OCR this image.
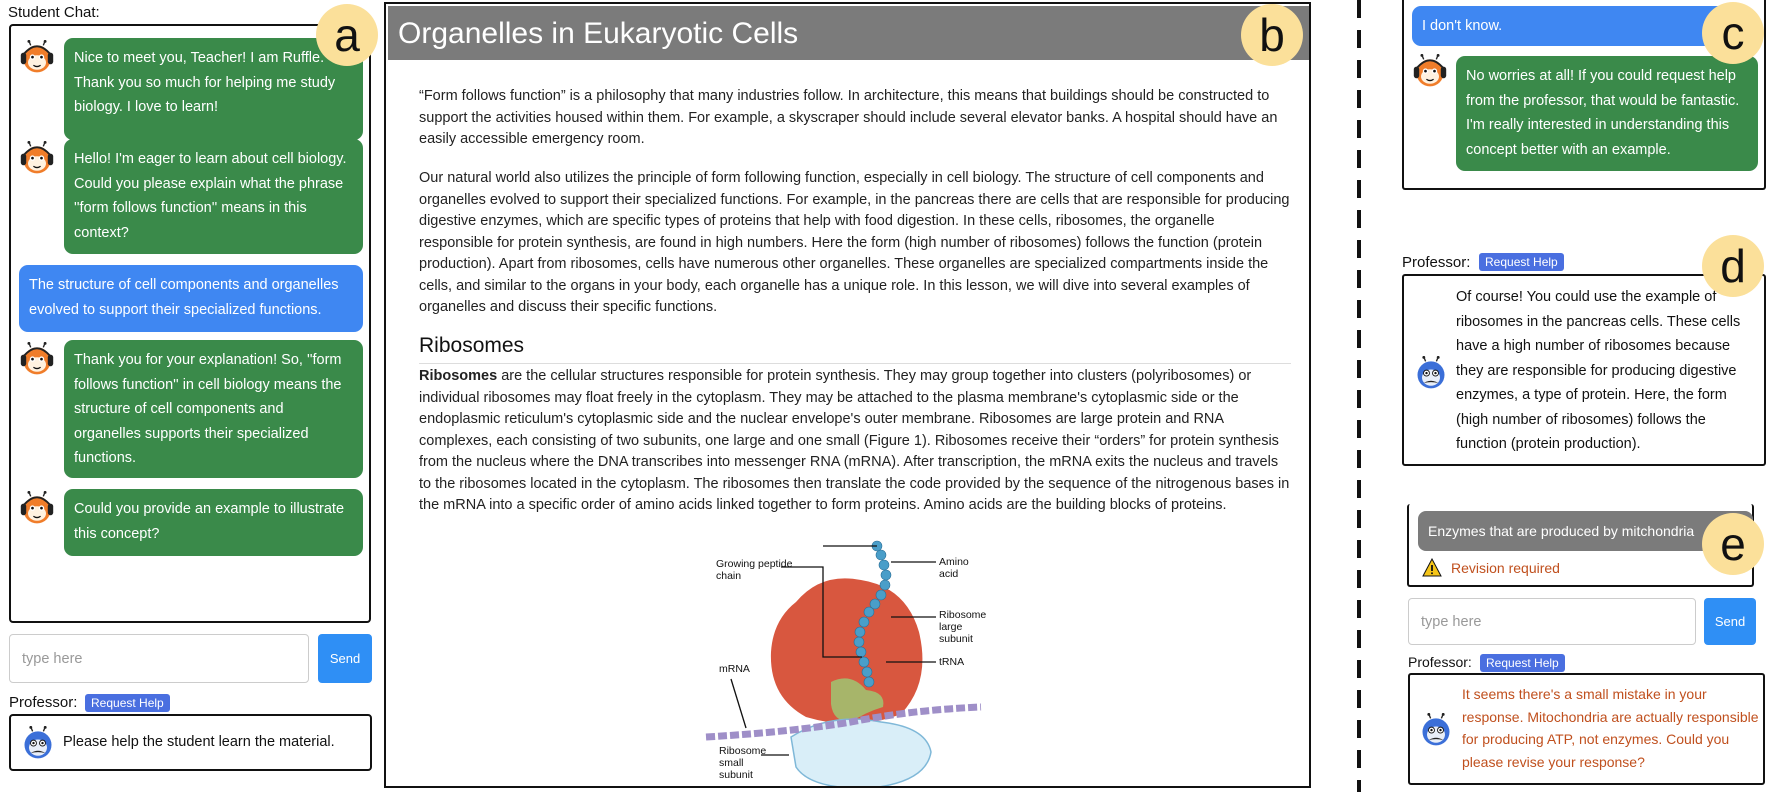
Student Chat:
Nice to meet you, Teacher! I am Ruffle. Thank you so much for helping me study biology. I love to learn!
Hello! I'm eager to learn about cell biology. Could you please explain what the phrase ''form follows function'' means in this context?
The structure of cell components and organelles evolved to support their specialized functions.
Thank you for your explanation! So, ''form follows function'' in cell biology means the structure of cell components and organelles supports their specialized functions.
Could you provide an example to illustrate this concept?
type here	Send
Professor:	Request Help
Please help the student learn the material.
Organelles in Eukaryotic Cells
“Form follows function” is a philosophy that many industries follow. In architecture, this means that buildings should be constructed to support the activities housed within them. For example, a skyscraper should include several elevator banks. A hospital should have an easily accessible emergency room.
Our natural world also utilizes the principle of form following function, especially in cell biology. The structure of cell components and organelles evolved to support their specialized functions. For example, in the pancreas there are cells that are responsible for producing digestive enzymes, which are specific types of proteins that help with food digestion. In these cells, ribosomes, the organelle responsible for protein synthesis, are found in high numbers. Here the form (high number of ribosomes) follows the function (protein production). Apart from ribosomes, cells have numerous other organelles. These organelles are specialized compartments inside the cells, and similar to the organs in your body, each organelle has a unique role. In this lesson, we will dive into several examples of organelles and discuss their specific functions.
Ribosomes
Ribosomes are the cellular structures responsible for protein synthesis. They may group together into clusters (polyribosomes) or individual ribosomes may float freely in the cytoplasm. They may be attached to the plasma membrane's cytoplasmic side or the endoplasmic reticulum's cytoplasmic side and the nuclear envelope's outer membrane. Ribosomes are large protein and RNA complexes, each consisting of two subunits, one large and one small (Figure 1). Ribosomes receive their “orders” for protein synthesis from the nucleus where the DNA transcribes into messenger RNA (mRNA). After transcription, the mRNA exits the nucleus and travels to the ribosomes located in the cytoplasm. The ribosomes then translate the code provided by the sequence of the nitrogenous bases in the mRNA into a specific order of amino acids linked together to form proteins. Amino acids are the building blocks of proteins.
Growing peptide
chain
Amino
acid
Ribosome
large
subunit
tRNA
mRNA
Ribosome
small
subunit
a	b	I don't know.
No worries at all! If you could request help from the professor, that would be fantastic. I'm really interested in understanding this concept better with an example.
c
Professor:	Request Help
Of course! You could use the example of ribosomes in the pancreas cells. These cells have a high number of ribosomes because they are responsible for producing digestive enzymes, a type of protein. Here, the form (high number of ribosomes) follows the function (protein production).
d
Enzymes that are produced by mitchondria
Revision required	e
type here	Send
Professor:	Request Help
It seems there's a small mistake in your response. Mitochondria are actually responsible for producing ATP, not enzymes. Could you please revise your response?
